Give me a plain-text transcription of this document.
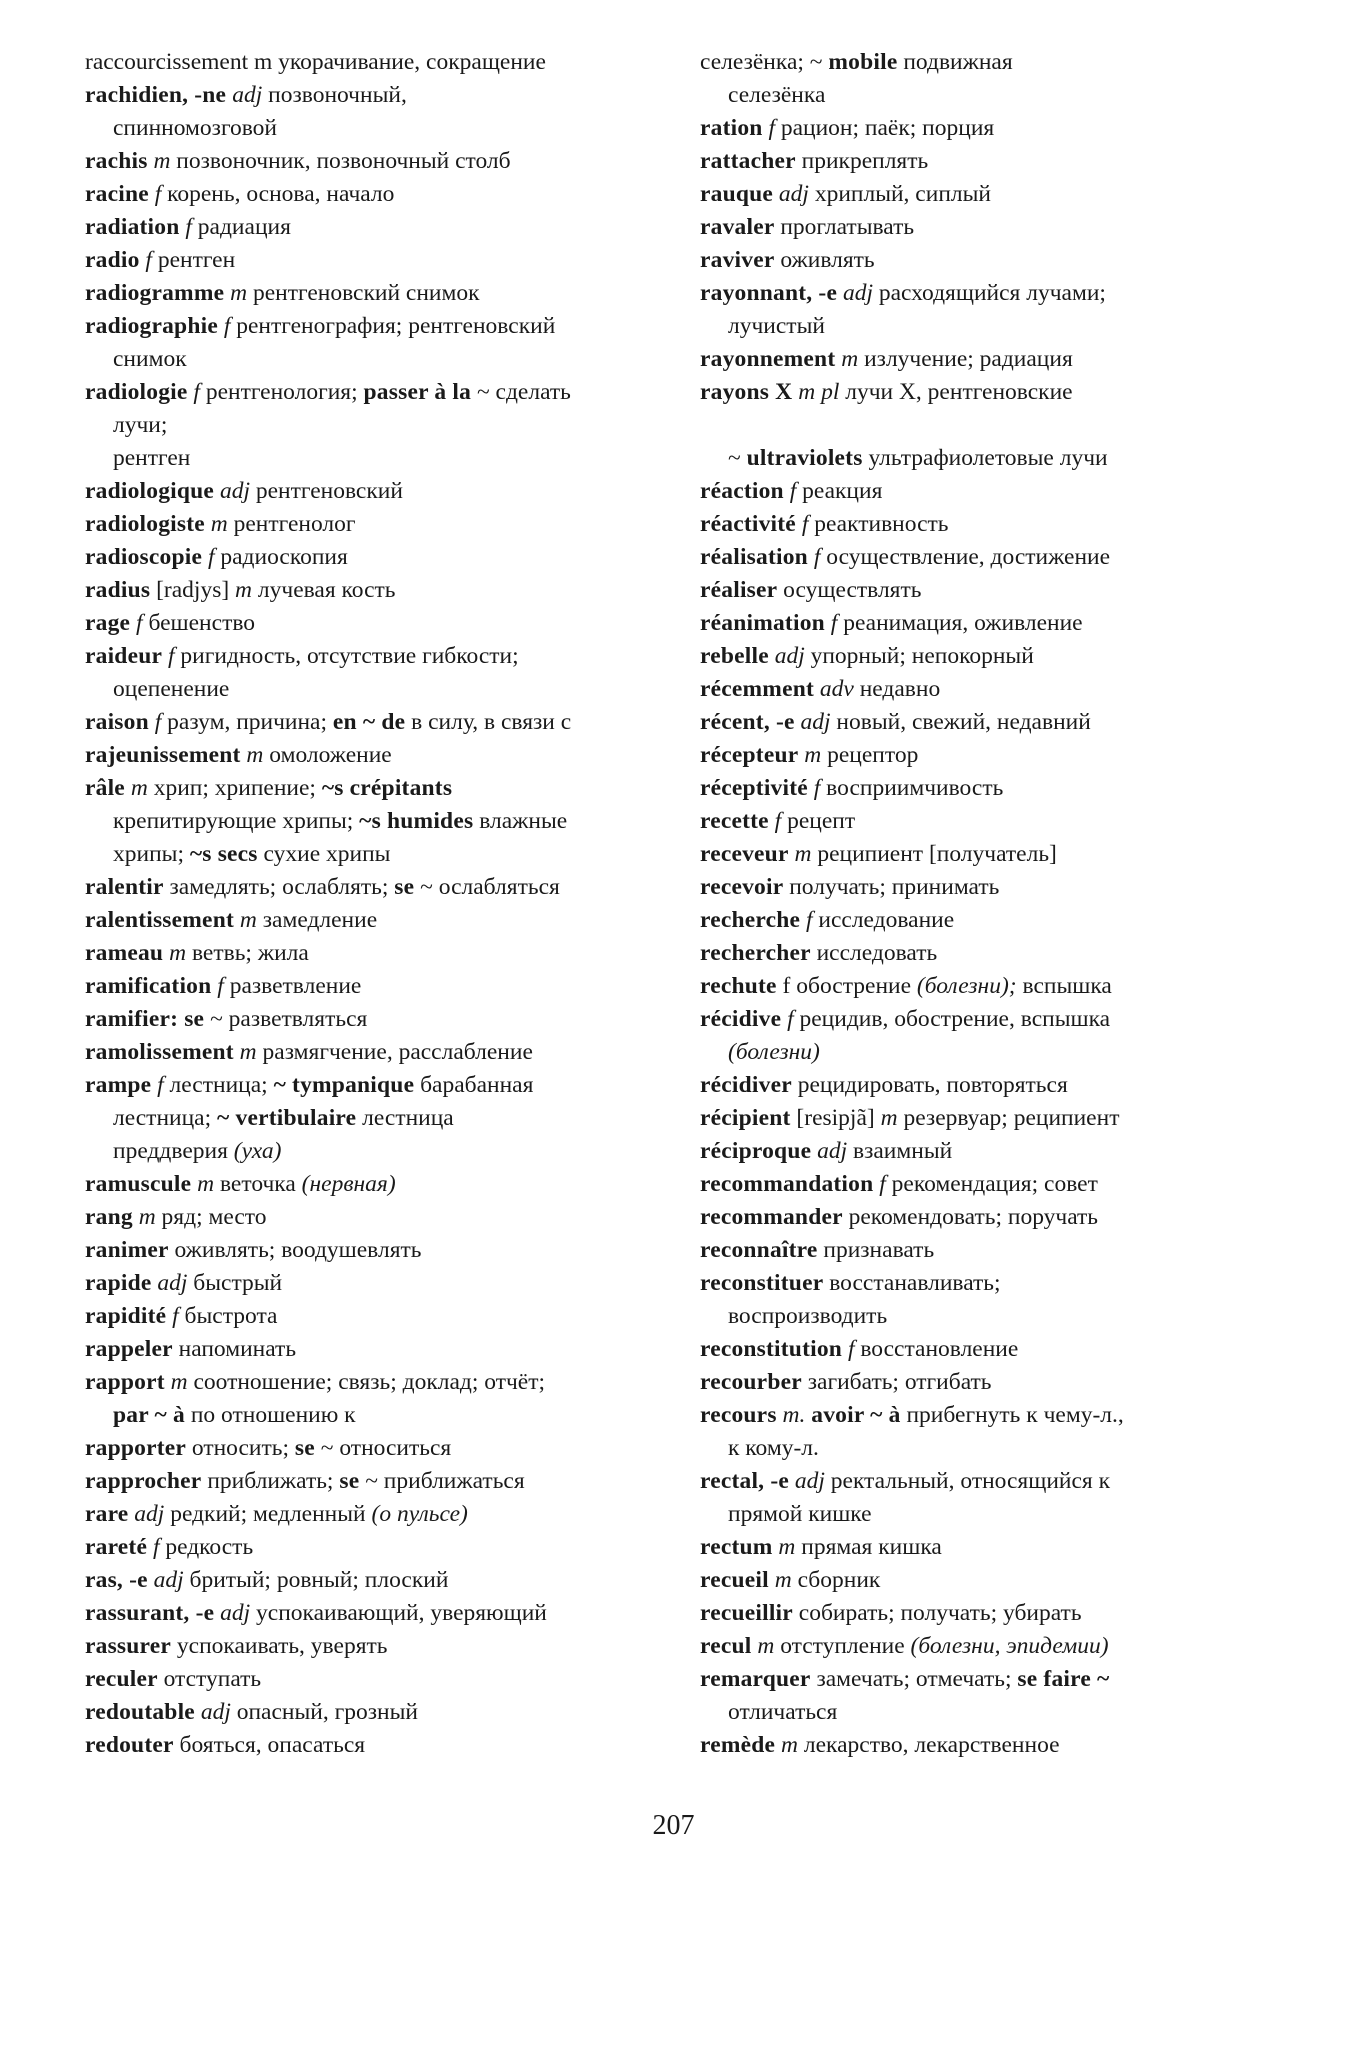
raccourcissement m укорачивание, сокращение
rachidien, -ne adj позвоночный,
спинномозговой
rachis m позвоночник, позвоночный столб
racine f корень, основа, начало
radiation f радиация
radio f рентген
radiogramme m рентгеновский снимок
radiographie f рентгенография; рентгеновский
снимок
radiologie f рентгенология; passer à la ~ сделать
лучи;
рентген
radiologique adj рентгеновский
radiologiste m рентгенолог
radioscopie f радиоскопия
radius [radjys] m лучевая кость
rage f бешенство
raideur f ригидность, отсутствие гибкости;
оцепенение
raison f разум, причина; en ~ de в силу, в связи с
rajeunissement m омоложение
râle m хрип; хрипение; ~s crépitants
крепитирующие хрипы; ~s humides влажные
хрипы; ~s secs сухие хрипы
ralentir замедлять; ослаблять; se ~ ослабляться
ralentissement m замедление
rameau m ветвь; жила
ramification f разветвление
ramifier: se ~ разветвляться
ramolissement m размягчение, расслабление
rampe f лестница; ~ tympanique барабанная
лестница; ~ vertibulaire лестница
преддверия (уха)
ramuscule m веточка (нервная)
rang m ряд; место
ranimer оживлять; воодушевлять
rapide adj быстрый
rapidité f быстрота
rappeler напоминать
rapport m соотношение; связь; доклад; отчёт;
par ~ à по отношению к
rapporter относить; se ~ относиться
rapprocher приближать; se ~ приближаться
rare adj редкий; медленный (о пульсе)
rareté f редкость
ras, -e adj бритый; ровный; плоский
rassurant, -e adj успокаивающий, уверяющий
rassurer успокаивать, уверять
reculer отступать
redoutable adj опасный, грозный
redouter бояться, опасаться
селезёнка; ~ mobile подвижная
селезёнка
ration f рацион; паёк; порция
rattacher прикреплять
rauque adj хриплый, сиплый
ravaler проглатывать
raviver оживлять
rayonnant, -e adj расходящийся лучами;
лучистый
rayonnement m излучение; радиация
rayons X m pl лучи X, рентгеновские
~ ultraviolets ультрафиолетовые лучи
réaction f реакция
réactivité f реактивность
réalisation f осуществление, достижение
réaliser осуществлять
réanimation f реанимация, оживление
rebelle adj упорный; непокорный
récemment adv недавно
récent, -e adj новый, свежий, недавний
récepteur m рецептор
réceptivité f восприимчивость
recette f рецепт
receveur m реципиент [получатель]
recevoir получать; принимать
recherche f исследование
rechercher исследовать
rechute f обострение (болезни); вспышка
récidive f рецидив, обострение, вспышка
(болезни)
récidiver рецидировать, повторяться
récipient [resipjã] m резервуар; реципиент
réciproque adj взаимный
recommandation f рекомендация; совет
recommander рекомендовать; поручать
reconnaître признавать
reconstituer восстанавливать;
воспроизводить
reconstitution f восстановление
recourber загибать; отгибать
recours m. avoir ~ à прибегнуть к чему-л.,
к кому-л.
rectal, -e adj ректальный, относящийся к
прямой кишке
rectum m прямая кишка
recueil m сборник
recueillir собирать; получать; убирать
recul m отступление (болезни, эпидемии)
remarquer замечать; отмечать; se faire ~
отличаться
remède m лекарство, лекарственное
207
